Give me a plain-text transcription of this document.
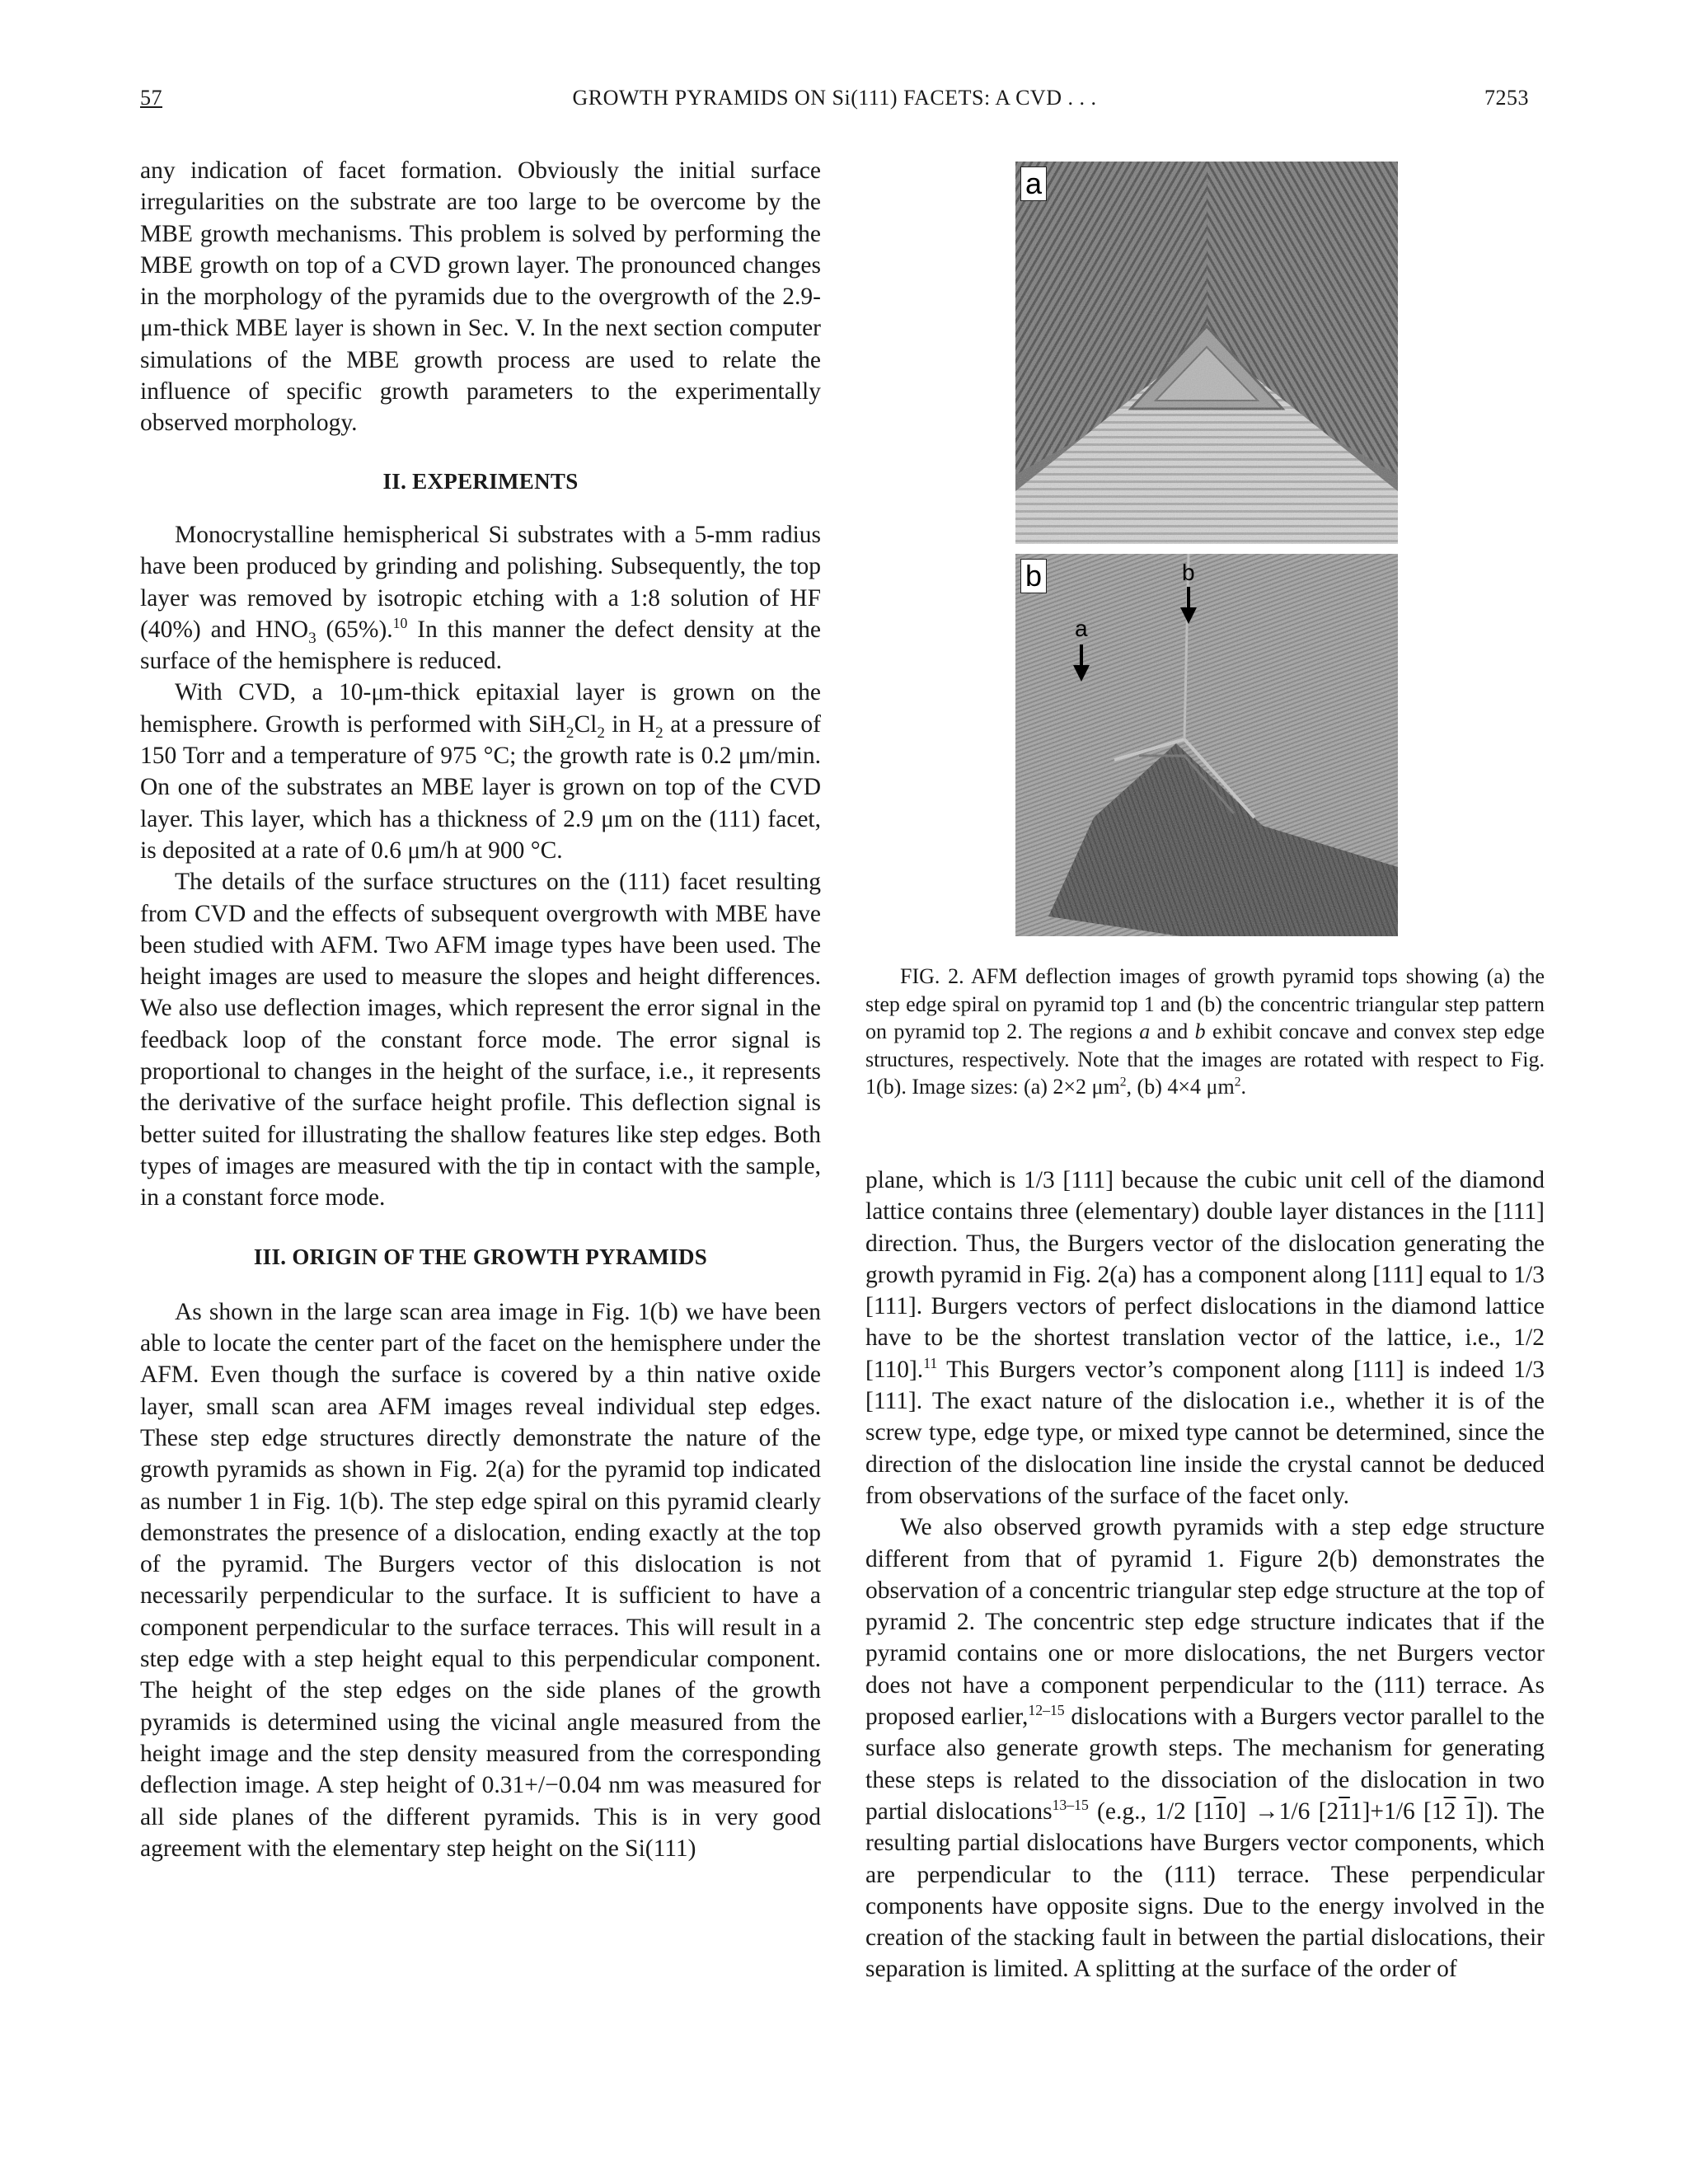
57	GROWTH PYRAMIDS ON Si(111) FACETS: A CVD . . .	7253

any indication of facet formation. Obviously the initial surface irregularities on the substrate are too large to be overcome by the MBE growth mechanisms. This problem is solved by performing the MBE growth on top of a CVD grown layer. The pronounced changes in the morphology of the pyramids due to the overgrowth of the 2.9-μm-thick MBE layer is shown in Sec. V. In the next section computer simulations of the MBE growth process are used to relate the influence of specific growth parameters to the experimentally observed morphology.

II. EXPERIMENTS

Monocrystalline hemispherical Si substrates with a 5-mm radius have been produced by grinding and polishing. Subsequently, the top layer was removed by isotropic etching with a 1:8 solution of HF (40%) and $HNO_3$ (65%).$^{10}$ In this manner the defect density at the surface of the hemisphere is reduced.

With CVD, a 10-μm-thick epitaxial layer is grown on the hemisphere. Growth is performed with $SiH_2Cl_2$ in $H_2$ at a pressure of 150 Torr and a temperature of 975 °C; the growth rate is 0.2 μm/min. On one of the substrates an MBE layer is grown on top of the CVD layer. This layer, which has a thickness of 2.9 μm on the (111) facet, is deposited at a rate of 0.6 μm/h at 900 °C.

The details of the surface structures on the (111) facet resulting from CVD and the effects of subsequent overgrowth with MBE have been studied with AFM. Two AFM image types have been used. The height images are used to measure the slopes and height differences. We also use deflection images, which represent the error signal in the feedback loop of the constant force mode. The error signal is proportional to changes in the height of the surface, i.e., it represents the derivative of the surface height profile. This deflection signal is better suited for illustrating the shallow features like step edges. Both types of images are measured with the tip in contact with the sample, in a constant force mode.

III. ORIGIN OF THE GROWTH PYRAMIDS

As shown in the large scan area image in Fig. 1(b) we have been able to locate the center part of the facet on the hemisphere under the AFM. Even though the surface is covered by a thin native oxide layer, small scan area AFM images reveal individual step edges. These step edge structures directly demonstrate the nature of the growth pyramids as shown in Fig. 2(a) for the pyramid top indicated as number 1 in Fig. 1(b). The step edge spiral on this pyramid clearly demonstrates the presence of a dislocation, ending exactly at the top of the pyramid. The Burgers vector of this dislocation is not necessarily perpendicular to the surface. It is sufficient to have a component perpendicular to the surface terraces. This will result in a step edge with a step height equal to this perpendicular component. The height of the step edges on the side planes of the growth pyramids is determined using the vicinal angle measured from the height image and the step density measured from the corresponding deflection image. A step height of 0.31+/−0.04 nm was measured for all side planes of the different pyramids. This is in very good agreement with the elementary step height on the Si(111)

a
a
b
b

FIG. 2. AFM deflection images of growth pyramid tops showing (a) the step edge spiral on pyramid top 1 and (b) the concentric triangular step pattern on pyramid top 2. The regions a and b exhibit concave and convex step edge structures, respectively. Note that the images are rotated with respect to Fig. 1(b). Image sizes: (a) 2×2 $\mu m^2$, (b) 4×4 $\mu m^2$.

plane, which is 1/3 [111] because the cubic unit cell of the diamond lattice contains three (elementary) double layer distances in the [111] direction. Thus, the Burgers vector of the dislocation generating the growth pyramid in Fig. 2(a) has a component along [111] equal to 1/3 [111]. Burgers vectors of perfect dislocations in the diamond lattice have to be the shortest translation vector of the lattice, i.e., 1/2 [110].$^{11}$ This Burgers vector’s component along [111] is indeed 1/3 [111]. The exact nature of the dislocation i.e., whether it is of the screw type, edge type, or mixed type cannot be determined, since the direction of the dislocation line inside the crystal cannot be deduced from observations of the surface of the facet only.

We also observed growth pyramids with a step edge structure different from that of pyramid 1. Figure 2(b) demonstrates the observation of a concentric triangular step edge structure at the top of pyramid 2. The concentric step edge structure indicates that if the pyramid contains one or more dislocations, the net Burgers vector does not have a component perpendicular to the (111) terrace. As proposed earlier,$^{12-15}$ dislocations with a Burgers vector parallel to the surface also generate growth steps. The mechanism for generating these steps is related to the dissociation of the dislocation in two partial dislocations$^{13-15}$ (e.g., 1/2 [110] →1/6 [211]+1/6 [12 1]). The resulting partial dislocations have Burgers vector components, which are perpendicular to the (111) terrace. These perpendicular components have opposite signs. Due to the energy involved in the creation of the stacking fault in between the partial dislocations, their separation is limited. A splitting at the surface of the order of
